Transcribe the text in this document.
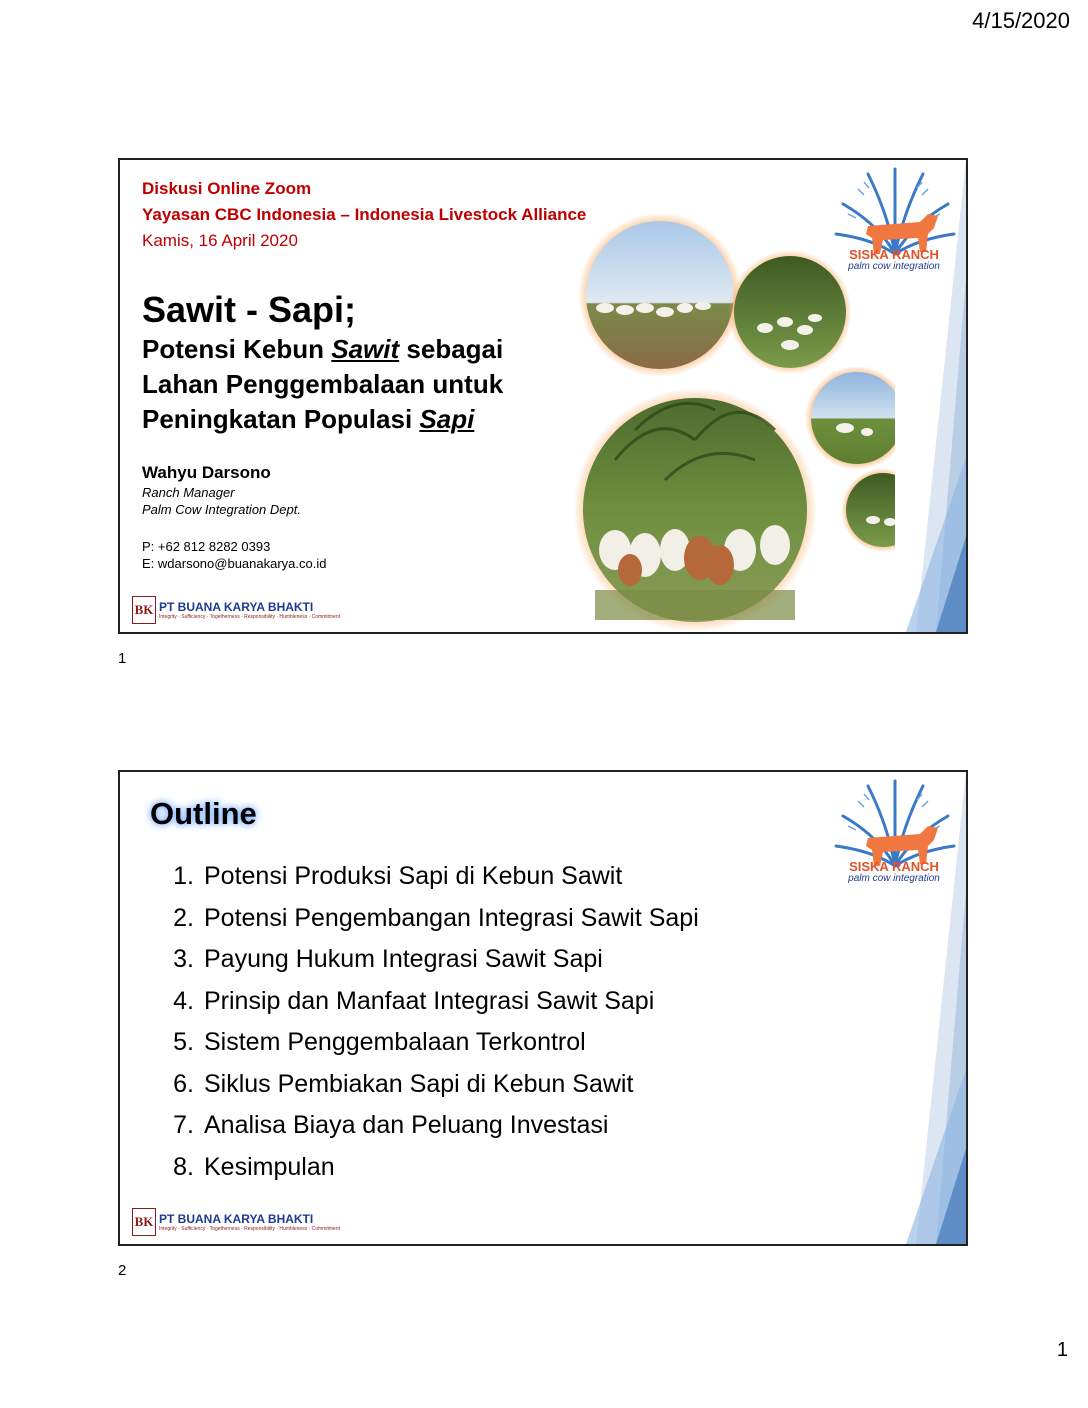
4/15/2020
Diskusi Online Zoom
Yayasan CBC Indonesia – Indonesia Livestock Alliance
Kamis, 16 April 2020
Sawit - Sapi;
Potensi Kebun Sawit sebagai
Lahan Penggembalaan untuk
Peningkatan Populasi Sapi
Wahyu Darsono
Ranch Manager
Palm Cow Integration Dept.
P: +62 812 8282 0393
E: wdarsono@buanakarya.co.id
SISKA RANCH
palm cow integration
BK PT BUANA KARYA BHAKTI
Integrity · Sufficiency · Togetherness · Responsibility · Humbleness · Commitment
1
Outline
1. Potensi Produksi Sapi di Kebun Sawit
2. Potensi Pengembangan Integrasi Sawit Sapi
3. Payung Hukum Integrasi Sawit Sapi
4. Prinsip dan Manfaat Integrasi Sawit Sapi
5. Sistem Penggembalaan Terkontrol
6. Siklus Pembiakan Sapi di Kebun Sawit
7. Analisa Biaya dan Peluang Investasi
8. Kesimpulan
SISKA RANCH
palm cow integration
BK PT BUANA KARYA BHAKTI
Integrity · Sufficiency · Togetherness · Responsibility · Humbleness · Commitment
2
1
